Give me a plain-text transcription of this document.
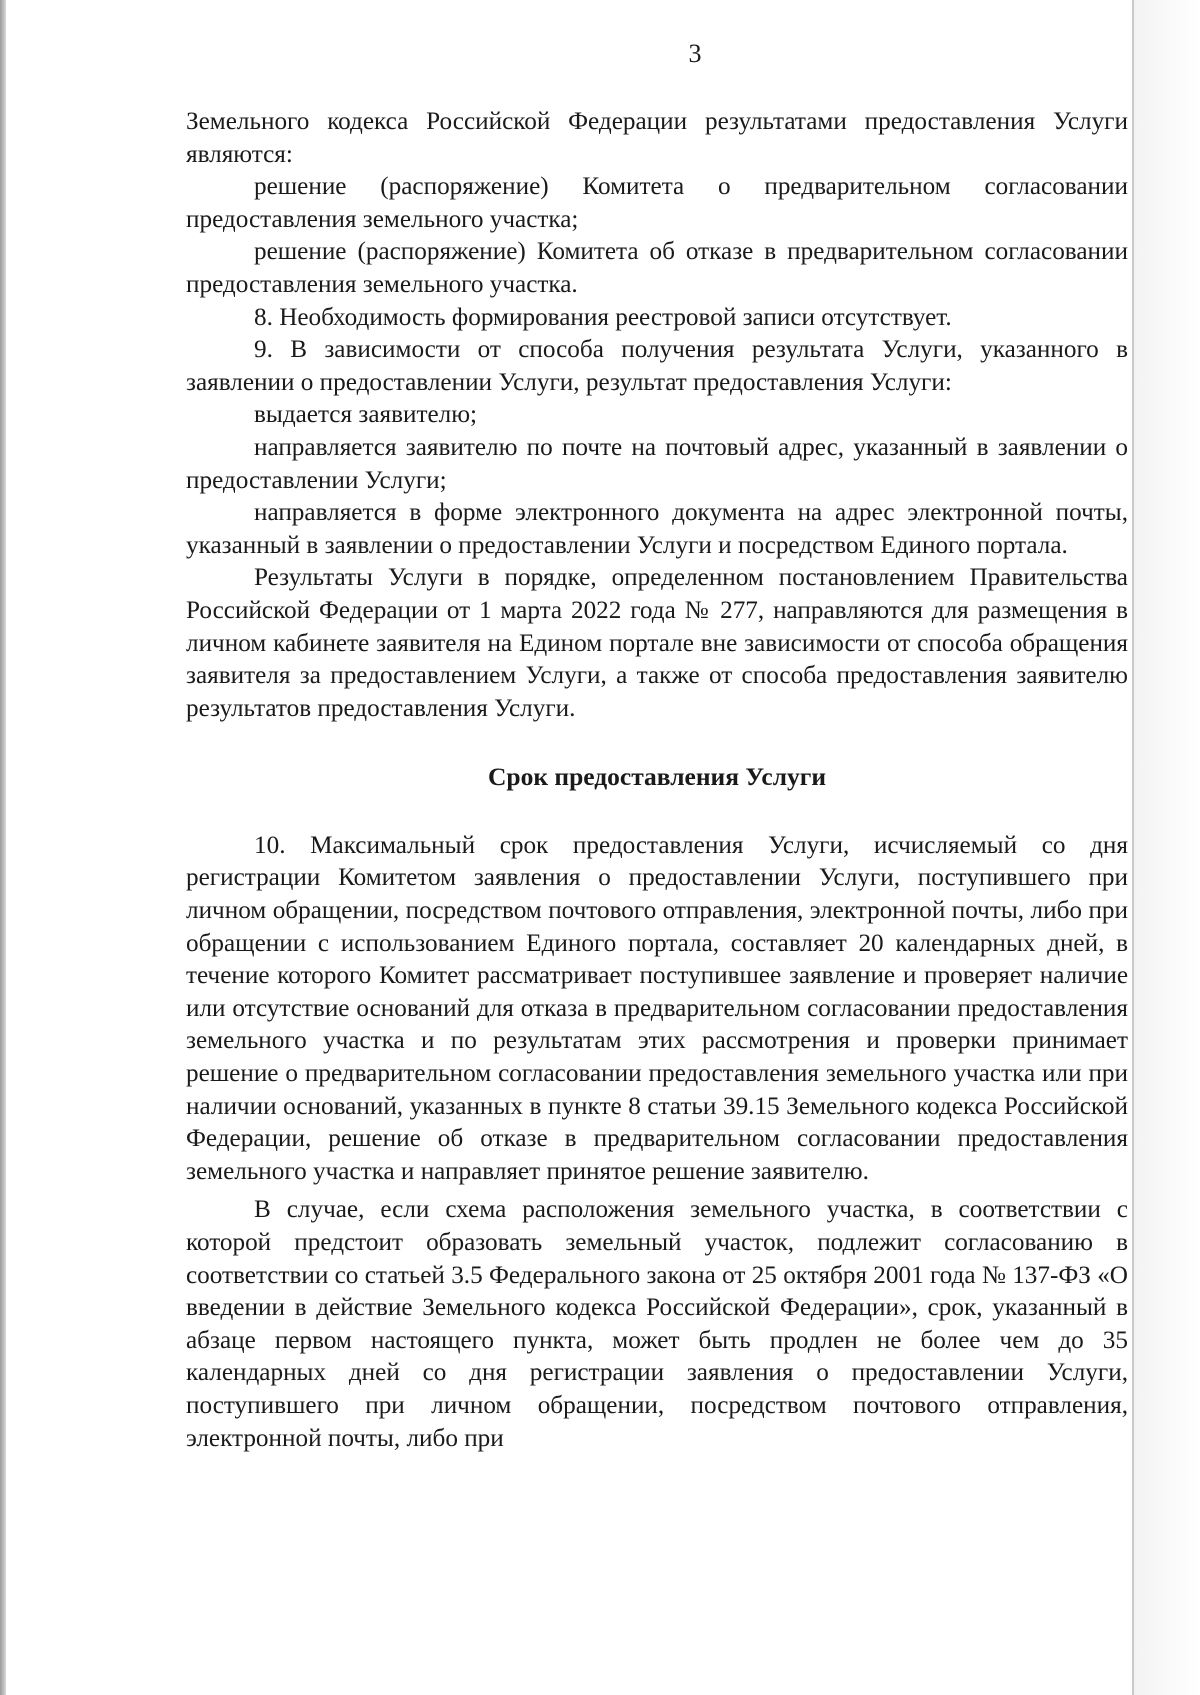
3

Земельного кодекса Российской Федерации результатами предоставления Услуги являются:

решение (распоряжение) Комитета о предварительном согласовании предоставления земельного участка;

решение (распоряжение) Комитета об отказе в предварительном согласовании предоставления земельного участка.

8. Необходимость формирования реестровой записи отсутствует.

9. В зависимости от способа получения результата Услуги, указанного в заявлении о предоставлении Услуги, результат предоставления Услуги:

выдается заявителю;

направляется заявителю по почте на почтовый адрес, указанный в заявлении о предоставлении Услуги;

направляется в форме электронного документа на адрес электронной почты, указанный в заявлении о предоставлении Услуги и посредством Единого портала.

Результаты Услуги в порядке, определенном постановлением Правительства Российской Федерации от 1 марта 2022 года № 277, направляются для размещения в личном кабинете заявителя на Едином портале вне зависимости от способа обращения заявителя за предоставлением Услуги, а также от способа предоставления заявителю результатов предоставления Услуги.

Срок предоставления Услуги

10. Максимальный срок предоставления Услуги, исчисляемый со дня регистрации Комитетом заявления о предоставлении Услуги, поступившего при личном обращении, посредством почтового отправления, электронной почты, либо при обращении с использованием Единого портала, составляет 20 календарных дней, в течение которого Комитет рассматривает поступившее заявление и проверяет наличие или отсутствие оснований для отказа в предварительном согласовании предоставления земельного участка и по результатам этих рассмотрения и проверки принимает решение о предварительном согласовании предоставления земельного участка или при наличии оснований, указанных в пункте 8 статьи 39.15 Земельного кодекса Российской Федерации, решение об отказе в предварительном согласовании предоставления земельного участка и направляет принятое решение заявителю.

В случае, если схема расположения земельного участка, в соответствии с которой предстоит образовать земельный участок, подлежит согласованию в соответствии со статьей 3.5 Федерального закона от 25 октября 2001 года № 137-ФЗ «О введении в действие Земельного кодекса Российской Федерации», срок, указанный в абзаце первом настоящего пункта, может быть продлен не более чем до 35 календарных дней со дня регистрации заявления о предоставлении Услуги, поступившего при личном обращении, посредством почтового отправления, электронной почты, либо при
